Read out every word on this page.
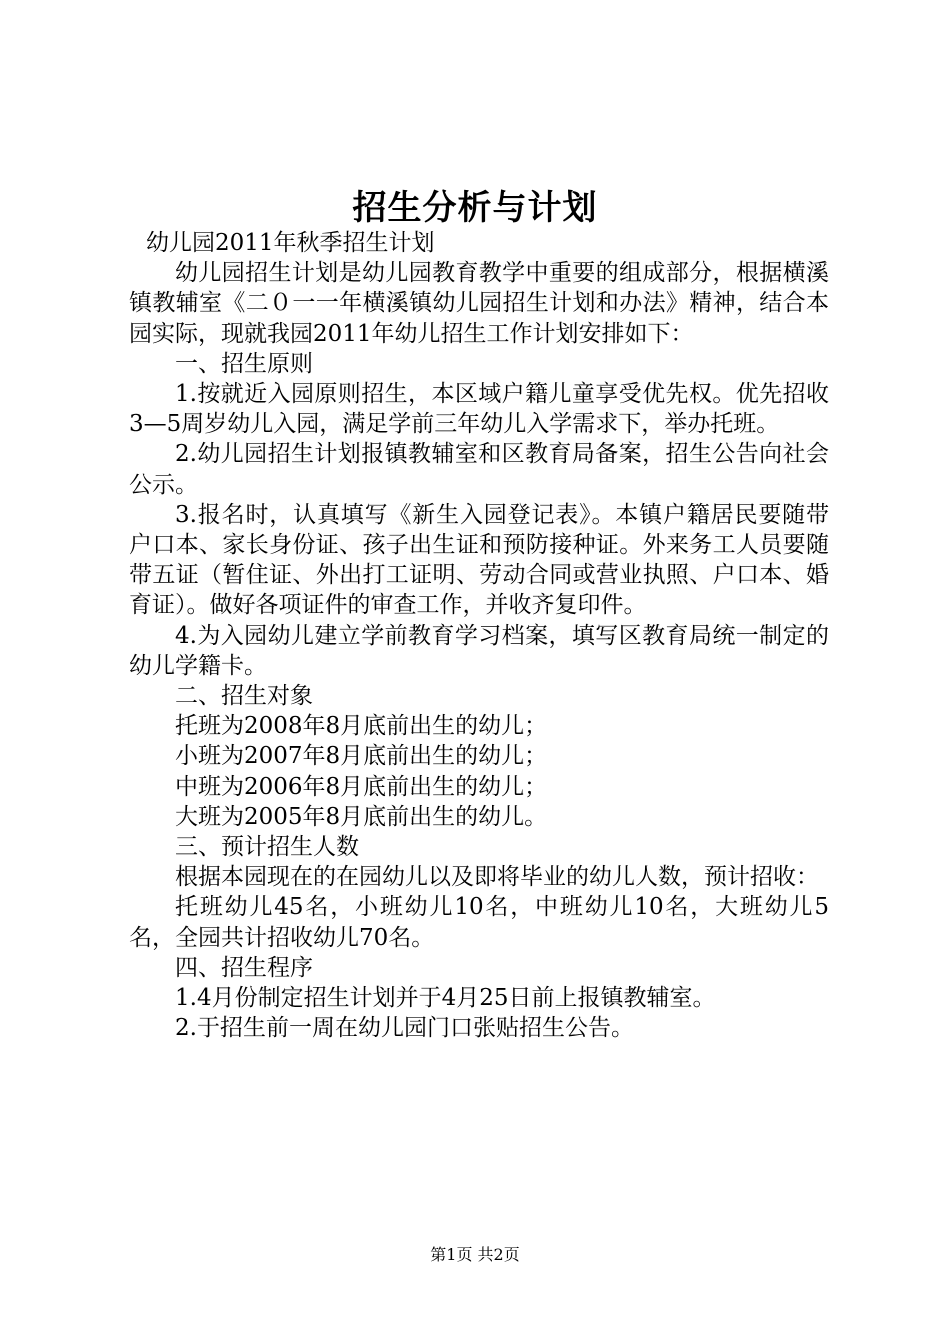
招生分析与计划

幼儿园2011年秋季招生计划

幼儿园招生计划是幼儿园教育教学中重要的组成部分，根据横溪镇教辅室《二０一一年横溪镇幼儿园招生计划和办法》精神，结合本园实际，现就我园2011年幼儿招生工作计划安排如下：

一、招生原则

1.按就近入园原则招生，本区域户籍儿童享受优先权。优先招收3—5周岁幼儿入园，满足学前三年幼儿入学需求下，举办托班。

2.幼儿园招生计划报镇教辅室和区教育局备案，招生公告向社会公示。

3.报名时，认真填写《新生入园登记表》。本镇户籍居民要随带户口本、家长身份证、孩子出生证和预防接种证。外来务工人员要随带五证（暂住证、外出打工证明、劳动合同或营业执照、户口本、婚育证）。做好各项证件的审查工作，并收齐复印件。

4.为入园幼儿建立学前教育学习档案，填写区教育局统一制定的幼儿学籍卡。

二、招生对象

托班为2008年8月底前出生的幼儿；

小班为2007年8月底前出生的幼儿；

中班为2006年8月底前出生的幼儿；

大班为2005年8月底前出生的幼儿。

三、预计招生人数

根据本园现在的在园幼儿以及即将毕业的幼儿人数，预计招收：

托班幼儿45名，小班幼儿10名，中班幼儿10名，大班幼儿5名，全园共计招收幼儿70名。

四、招生程序

1.4月份制定招生计划并于4月25日前上报镇教辅室。

2.于招生前一周在幼儿园门口张贴招生公告。

第1页 共2页
